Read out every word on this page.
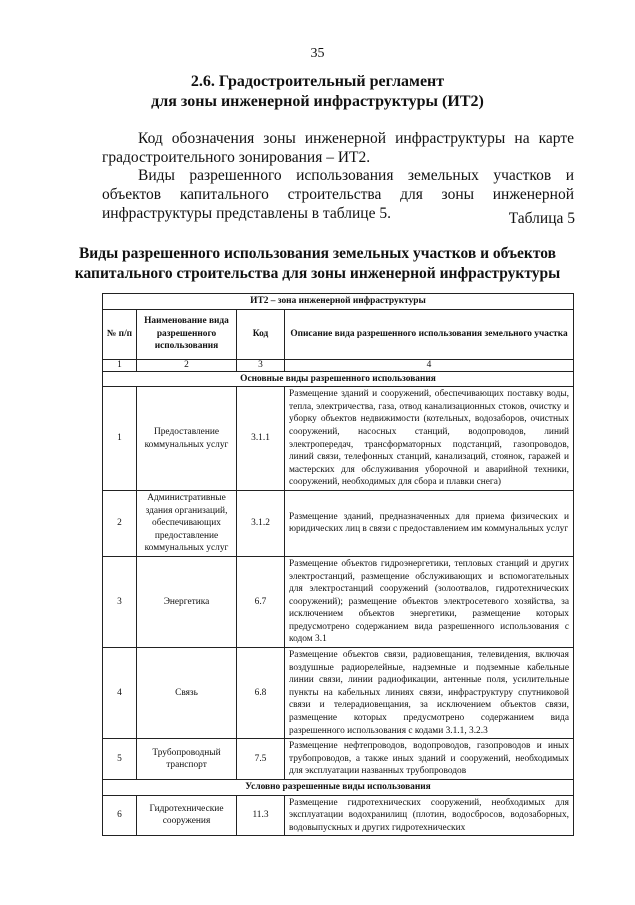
35
2.6. Градостроительный регламент
для зоны инженерной инфраструктуры (ИТ2)
Код обозначения зоны инженерной инфраструктуры на карте градостроительного зонирования – ИТ2.
Виды разрешенного использования земельных участков и объектов капитального строительства для зоны инженерной инфраструктуры представлены в таблице 5.	Таблица 5
Виды разрешенного использования земельных участков и объектов
капитального строительства для зоны инженерной инфраструктуры
ИТ2 – зона инженерной инфраструктуры			
№ п/п	Наименование вида разрешенного использования	Код	Описание вида разрешенного использования земельного участка
1	2	3	4
Основные виды разрешенного использования			
1	Предоставление коммунальных услуг	3.1.1	Размещение зданий и сооружений, обеспечивающих поставку воды, тепла, электричества, газа, отвод канализационных стоков, очистку и уборку объектов недвижимости (котельных, водозаборов, очистных сооружений, насосных станций, водопроводов, линий электропередач, трансформаторных подстанций, газопроводов, линий связи, телефонных станций, канализаций, стоянок, гаражей и мастерских для обслуживания уборочной и аварийной техники, сооружений, необходимых для сбора и плавки снега)
2	Административные здания организаций, обеспечивающих предоставление коммунальных услуг	3.1.2	Размещение зданий, предназначенных для приема физических и юридических лиц в связи с предоставлением им коммунальных услуг
3	Энергетика	6.7	Размещение объектов гидроэнергетики, тепловых станций и других электростанций, размещение обслуживающих и вспомогательных для электростанций сооружений (золоотвалов, гидротехнических сооружений); размещение объектов электросетевого хозяйства, за исключением объектов энергетики, размещение которых предусмотрено содержанием вида разрешенного использования с кодом 3.1
4	Связь	6.8	Размещение объектов связи, радиовещания, телевидения, включая воздушные радиорелейные, надземные и подземные кабельные линии связи, линии радиофикации, антенные поля, усилительные пункты на кабельных линиях связи, инфраструктуру спутниковой связи и телерадиовещания, за исключением объектов связи, размещение которых предусмотрено содержанием вида разрешенного использования с кодами 3.1.1, 3.2.3
5	Трубопроводный транспорт	7.5	Размещение нефтепроводов, водопроводов, газопроводов и иных трубопроводов, а также иных зданий и сооружений, необходимых для эксплуатации названных трубопроводов
Условно разрешенные виды использования			
6	Гидротехнические сооружения	11.3	Размещение гидротехнических сооружений, необходимых для эксплуатации водохранилищ (плотин, водосбросов, водозаборных, водовыпускных и других гидротехнических
